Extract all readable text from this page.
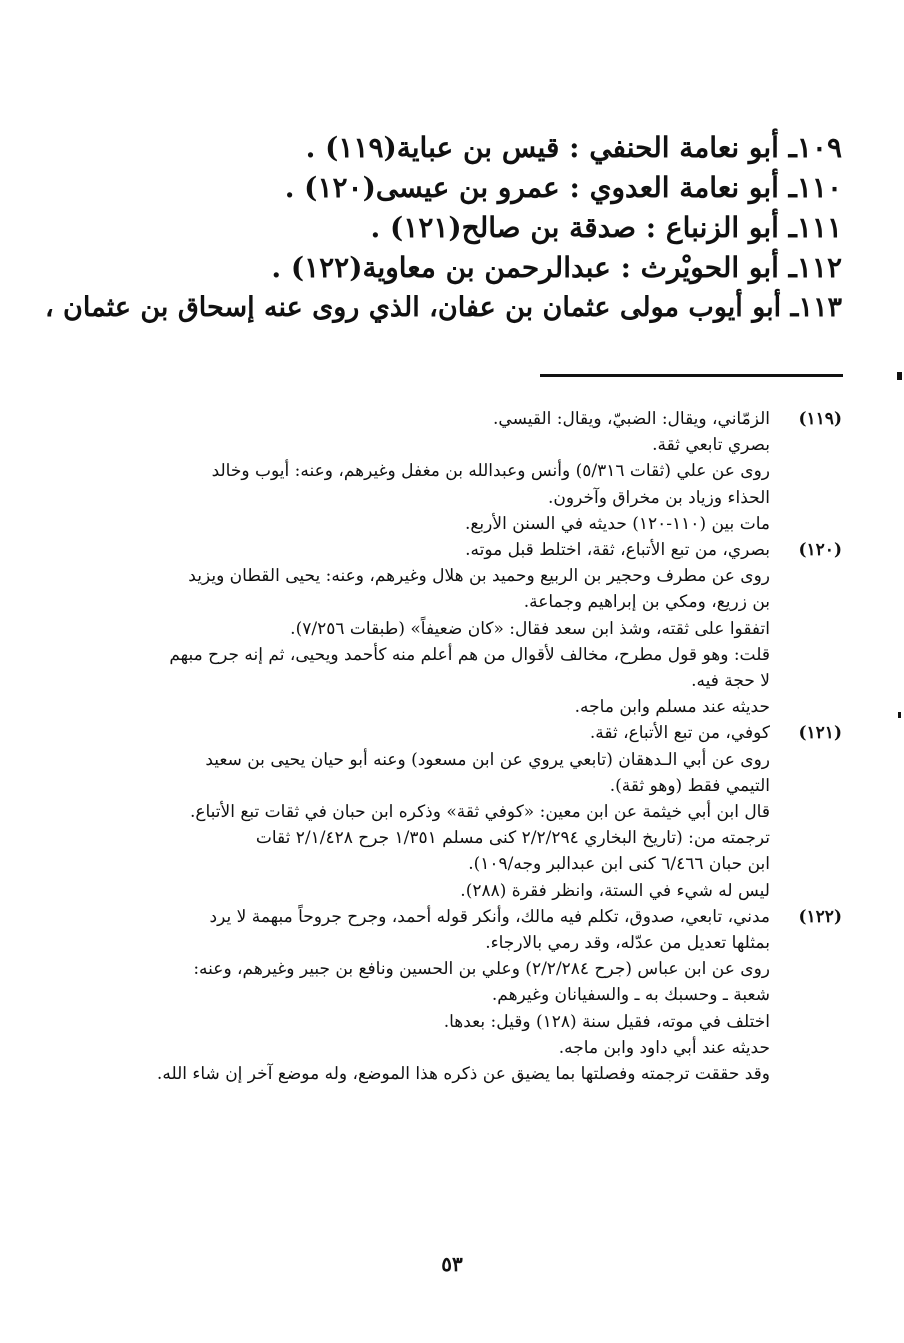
١٠٩ـ أبو نعامة الحنفي : قيس بن عباية(١١٩) .
١١٠ـ أبو نعامة العدوي : عمرو بن عيسى(١٢٠) .
١١١ـ أبو الزنباع : صدقة بن صالح(١٢١) .
١١٢ـ أبو الحويْرث : عبدالرحمن بن معاوية(١٢٢) .
١١٣ـ أبو أيوب مولى عثمان بن عفان، الذي روى عنه إسحاق بن عثمان ،
(١١٩)
الزمّاني، ويقال: الضبيّ، ويقال: القيسي.
بصري تابعي ثقة.
روى عن علي (ثقات ٥/٣١٦) وأنس وعبدالله بن مغفل وغيرهم، وعنه: أيوب وخالد
الحذاء وزياد بن مخراق وآخرون.
مات بين (١١٠-١٢٠) حديثه في السنن الأربع.
(١٢٠)
بصري، من تبع الأتباع، ثقة، اختلط قبل موته.
روى عن مطرف وحجير بن الربيع وحميد بن هلال وغيرهم، وعنه: يحيى القطان ويزيد
بن زريع، ومكي بن إبراهيم وجماعة.
اتفقوا على ثقته، وشذ ابن سعد فقال: «كان ضعيفاً» (طبقات ٧/٢٥٦).
قلت: وهو قول مطرح، مخالف لأقوال من هم أعلم منه كأحمد ويحيى، ثم إنه جرح مبهم
لا حجة فيه.
حديثه عند مسلم وابن ماجه.
(١٢١)
كوفي، من تبع الأتباع، ثقة.
روى عن أبي الـدهقان (تابعي يروي عن ابن مسعود) وعنه أبو حيان يحيى بن سعيد
التيمي فقط (وهو ثقة).
قال ابن أبي خيثمة عن ابن معين: «كوفي ثقة» وذكره ابن حبان في ثقات تبع الأتباع.
ترجمته من: (تاريخ البخاري ٢/٢/٢٩٤ كنى مسلم ١/٣٥١ جرح ٢/١/٤٢٨ ثقات
ابن حبان ٦/٤٦٦ كنى ابن عبدالبر وجه/١٠٩).
ليس له شيء في الستة، وانظر فقرة (٢٨٨).
(١٢٢)
مدني، تابعي، صدوق، تكلم فيه مالك، وأنكر قوله أحمد، وجرح جروحاً مبهمة لا يرد
بمثلها تعديل من عدّله، وقد رمي بالارجاء.
روى عن ابن عباس (جرح ٢/٢/٢٨٤) وعلي بن الحسين ونافع بن جبير وغيرهم، وعنه:
شعبة ـ وحسبك به ـ والسفيانان وغيرهم.
اختلف في موته، فقيل سنة (١٢٨) وقيل: بعدها.
حديثه عند أبي داود وابن ماجه.
وقد حققت ترجمته وفصلتها بما يضيق عن ذكره هذا الموضع، وله موضع آخر إن شاء الله.
٥٣
